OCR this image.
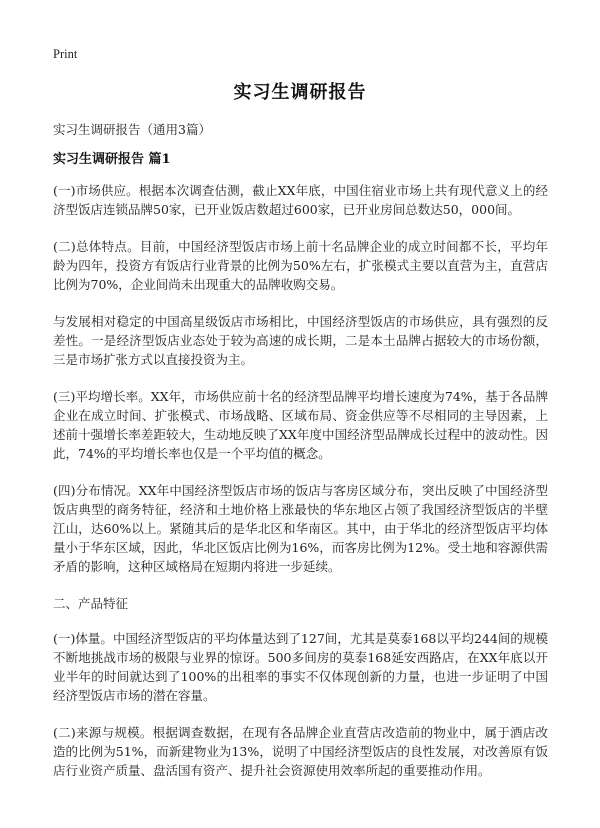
Print
实习生调研报告
实习生调研报告（通用3篇）
实习生调研报告 篇1

(一)市场供应。根据本次调查估测，截止XX年底，中国住宿业市场上共有现代意义上的经济型饭店连锁品牌50家，已开业饭店数超过600家，已开业房间总数达50，000间。

(二)总体特点。目前，中国经济型饭店市场上前十名品牌企业的成立时间都不长，平均年龄为四年，投资方有饭店行业背景的比例为50%左右，扩张模式主要以直营为主，直营店比例为70%，企业间尚未出现重大的品牌收购交易。

与发展相对稳定的中国高星级饭店市场相比，中国经济型饭店的市场供应，具有强烈的反差性。一是经济型饭店业态处于较为高速的成长期，二是本土品牌占据较大的市场份额，三是市场扩张方式以直接投资为主。

(三)平均增长率。XX年，市场供应前十名的经济型品牌平均增长速度为74%，基于各品牌企业在成立时间、扩张模式、市场战略、区域布局、资金供应等不尽相同的主导因素，上述前十强增长率差距较大，生动地反映了XX年度中国经济型品牌成长过程中的波动性。因此，74%的平均增长率也仅是一个平均值的概念。

(四)分布情况。XX年中国经济型饭店市场的饭店与客房区域分布，突出反映了中国经济型饭店典型的商务特征，经济和土地价格上涨最快的华东地区占领了我国经济型饭店的半壁江山，达60%以上。紧随其后的是华北区和华南区。其中，由于华北的经济型饭店平均体量小于华东区域，因此，华北区饭店比例为16%，而客房比例为12%。受土地和容源供需矛盾的影响，这种区域格局在短期内将进一步延续。

二、产品特征

(一)体量。中国经济型饭店的平均体量达到了127间，尤其是莫泰168以平均244间的规模不断地挑战市场的极限与业界的惊讶。500多间房的莫泰168延安西路店，在XX年底以开业半年的时间就达到了100%的出租率的事实不仅体现创新的力量，也进一步证明了中国经济型饭店市场的潜在容量。

(二)来源与规模。根据调查数据，在现有各品牌企业直营店改造前的物业中，属于酒店改造的比例为51%，而新建物业为13%，说明了中国经济型饭店的良性发展，对改善原有饭店行业资产质量、盘活国有资产、提升社会资源使用效率所起的重要推动作用。
